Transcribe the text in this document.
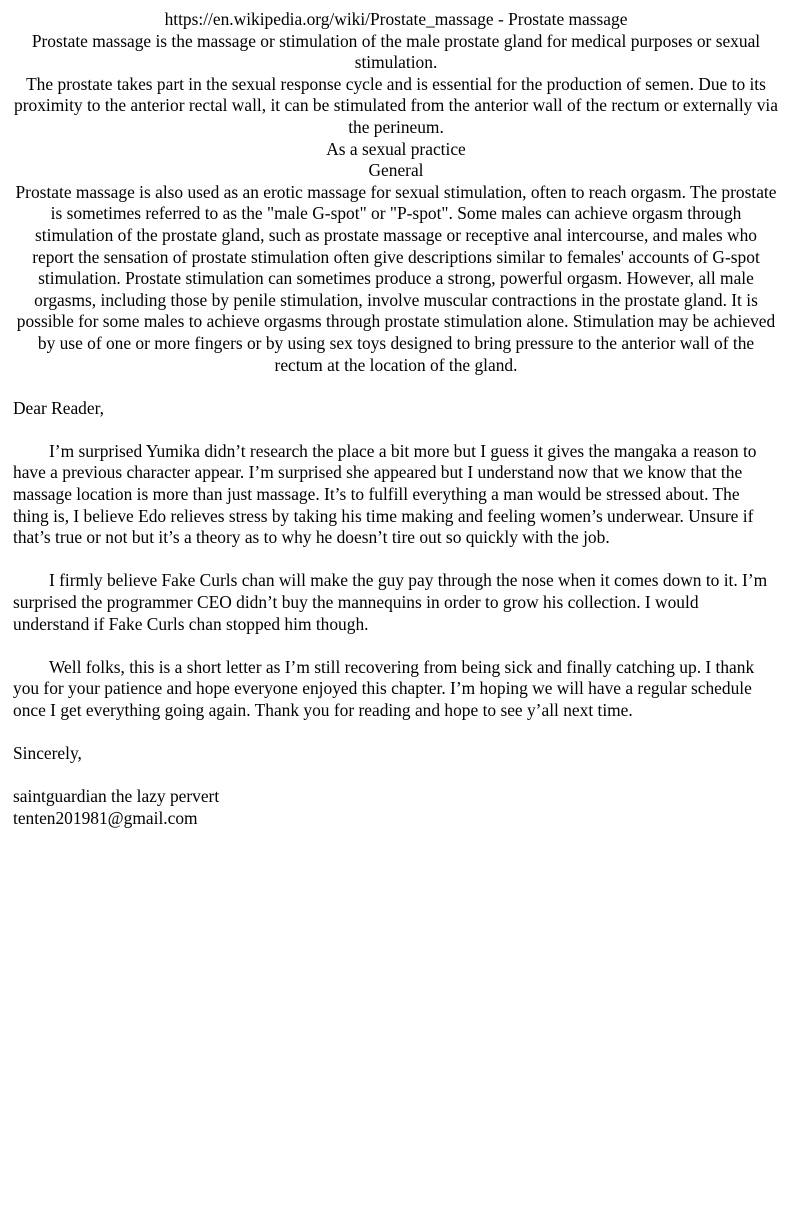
https://en.wikipedia.org/wiki/Prostate_massage - Prostate massage

Prostate massage is the massage or stimulation of the male prostate gland for medical purposes or sexual stimulation.

The prostate takes part in the sexual response cycle and is essential for the production of semen. Due to its proximity to the anterior rectal wall, it can be stimulated from the anterior wall of the rectum or externally via the perineum.

As a sexual practice

General

Prostate massage is also used as an erotic massage for sexual stimulation, often to reach orgasm. The prostate is sometimes referred to as the "male G-spot" or "P-spot". Some males can achieve orgasm through stimulation of the prostate gland, such as prostate massage or receptive anal intercourse, and males who report the sensation of prostate stimulation often give descriptions similar to females' accounts of G-spot stimulation. Prostate stimulation can sometimes produce a strong, powerful orgasm. However, all male orgasms, including those by penile stimulation, involve muscular contractions in the prostate gland. It is possible for some males to achieve orgasms through prostate stimulation alone. Stimulation may be achieved by use of one or more fingers or by using sex toys designed to bring pressure to the anterior wall of the rectum at the location of the gland.

Dear Reader,

I’m surprised Yumika didn’t research the place a bit more but I guess it gives the mangaka a reason to have a previous character appear. I’m surprised she appeared but I understand now that we know that the massage location is more than just massage. It’s to fulfill everything a man would be stressed about. The thing is, I believe Edo relieves stress by taking his time making and feeling women’s underwear. Unsure if that’s true or not but it’s a theory as to why he doesn’t tire out so quickly with the job.

I firmly believe Fake Curls chan will make the guy pay through the nose when it comes down to it. I’m surprised the programmer CEO didn’t buy the mannequins in order to grow his collection. I would understand if Fake Curls chan stopped him though.

Well folks, this is a short letter as I’m still recovering from being sick and finally catching up. I thank you for your patience and hope everyone enjoyed this chapter. I’m hoping we will have a regular schedule once I get everything going again. Thank you for reading and hope to see y’all next time.

Sincerely,

saintguardian the lazy pervert

tenten201981@gmail.com
